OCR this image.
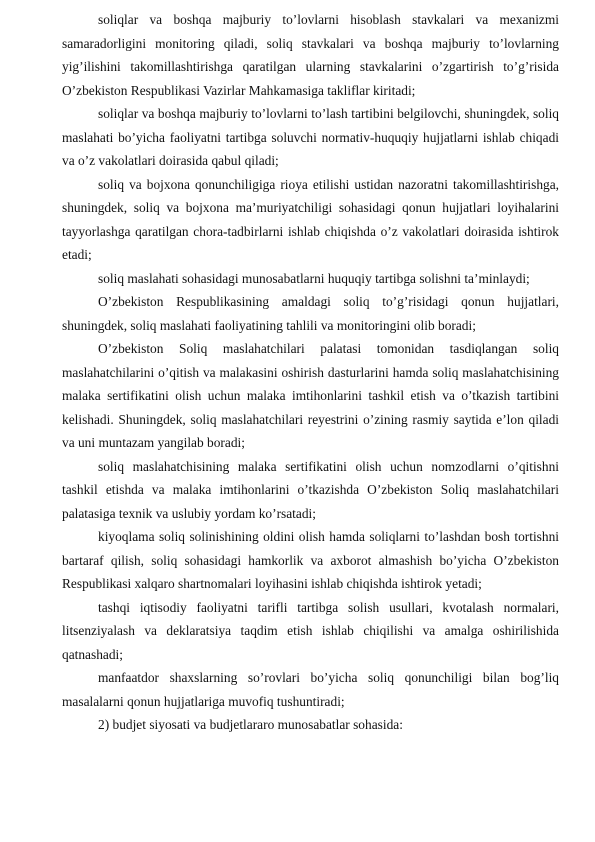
soliqlar va boshqa majburiy to’lovlarni hisoblash stavkalari va mexanizmi samaradorligini monitoring qiladi, soliq stavkalari va boshqa majburiy to’lovlarning yig’ilishini takomillashtirishga qaratilgan ularning stavkalarini o’zgartirish to’g’risida O’zbekiston Respublikasi Vazirlar Mahkamasiga takliflar kiritadi;

soliqlar va boshqa majburiy to’lovlarni to’lash tartibini belgilovchi, shuningdek, soliq maslahati bo’yicha faoliyatni tartibga soluvchi normativ-huquqiy hujjatlarni ishlab chiqadi va o’z vakolatlari doirasida qabul qiladi;

soliq va bojxona qonunchiligiga rioya etilishi ustidan nazoratni takomillashtirishga, shuningdek, soliq va bojxona ma’muriyatchiligi sohasidagi qonun hujjatlari loyihalarini tayyorlashga qaratilgan chora-tadbirlarni ishlab chiqishda o’z vakolatlari doirasida ishtirok etadi;

soliq maslahati sohasidagi munosabatlarni huquqiy tartibga solishni ta’minlaydi;

O’zbekiston Respublikasining amaldagi soliq to’g’risidagi qonun hujjatlari, shuningdek, soliq maslahati faoliyatining tahlili va monitoringini olib boradi;

O’zbekiston Soliq maslahatchilari palatasi tomonidan tasdiqlangan soliq maslahatchilarini o’qitish va malakasini oshirish dasturlarini hamda soliq maslahatchisining malaka sertifikatini olish uchun malaka imtihonlarini tashkil etish va o’tkazish tartibini kelishadi. Shuningdek, soliq maslahatchilari reyestrini o’zining rasmiy saytida e’lon qiladi va uni muntazam yangilab boradi;

soliq maslahatchisining malaka sertifikatini olish uchun nomzodlarni o’qitishni tashkil etishda va malaka imtihonlarini o’tkazishda O’zbekiston Soliq maslahatchilari palatasiga texnik va uslubiy yordam ko’rsatadi;

kiyoqlama soliq solinishining oldini olish hamda soliqlarni to’lashdan bosh tortishni bartaraf qilish, soliq sohasidagi hamkorlik va axborot almashish bo’yicha O’zbekiston Respublikasi xalqaro shartnomalari loyihasini ishlab chiqishda ishtirok yetadi;

tashqi iqtisodiy faoliyatni tarifli tartibga solish usullari, kvotalash normalari, litsenziyalash va deklaratsiya taqdim etish ishlab chiqilishi va amalga oshirilishida qatnashadi;

manfaatdor shaxslarning so’rovlari bo’yicha soliq qonunchiligi bilan bog’liq masalalarni qonun hujjatlariga muvofiq tushuntiradi;

2) budjet siyosati va budjetlararo munosabatlar sohasida:
